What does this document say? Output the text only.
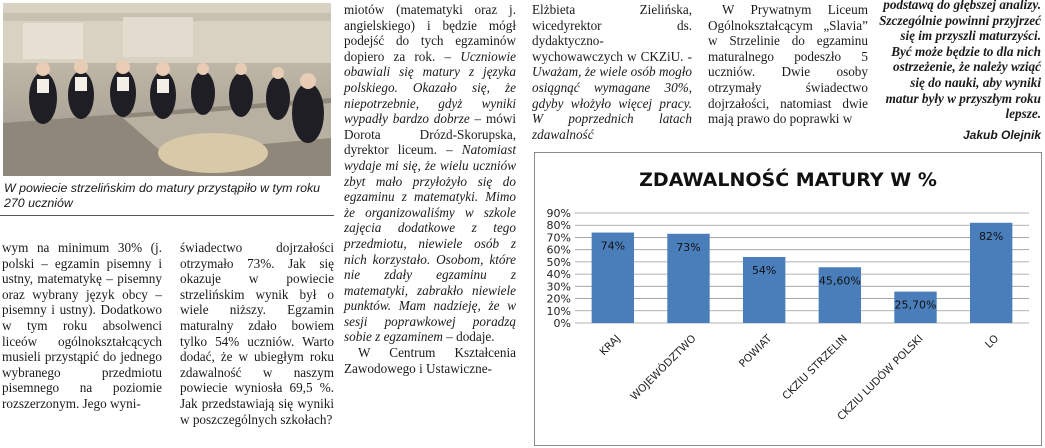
W powiecie strzelińskim do matury przystąpiło w tym roku 270 uczniów

wym na minimum 30% (j. polski – egzamin pisemny i ustny, matematykę – pisemny oraz wybrany język obcy – pisemny i ustny). Dodatkowo w tym roku absolwenci liceów ogólnokształcących musieli przystąpić do jednego wybranego przedmiotu pisemnego na poziomie rozszerzonym. Jego wyni-

świadectwo dojrzałości otrzymało 73%. Jak się okazuje w powiecie strzelińskim wynik był o wiele niższy. Egzamin maturalny zdało bowiem tylko 54% uczniów. Warto dodać, że w ubiegłym roku zdawalność w naszym powiecie wyniosła 69,5 %. Jak przedstawiają się wyniki w poszczególnych szkołach?

miotów (matematyki oraz j. angielskiego) i będzie mógł podejść do tych egzaminów dopiero za rok. – Uczniowie obawiali się matury z języka polskiego. Okazało się, że niepotrzebnie, gdyż wyniki wypadły bardzo dobrze – mówi Dorota Drózd-Skorupska, dyrektor liceum. – Natomiast wydaje mi się, że wielu uczniów zbyt mało przyłożyło się do egzaminu z matematyki. Mimo że organizowaliśmy w szkole zajęcia dodatkowe z tego przedmiotu, niewiele osób z nich korzystało. Osobom, które nie zdały egzaminu z matematyki, zabrakło niewiele punktów. Mam nadzieję, że w sesji poprawkowej poradzą sobie z egzaminem – dodaje.

W Centrum Kształcenia Zawodowego i Ustawiczne-

Elżbieta Zielińska, wicedyrektor ds. dydaktyczno-wychowawczych w CKZiU. - Uważam, że wiele osób mogło osiągnąć wymagane 30%, gdyby włożyło więcej pracy. W poprzednich latach zdawalność

W Prywatnym Liceum Ogólnokształcącym „Slavia” w Strzelinie do egzaminu maturalnego podeszło 5 uczniów. Dwie osoby otrzymały świadectwo dojrzałości, natomiast dwie mają prawo do poprawki w

podstawą do głębszej analizy. Szczególnie powinni przyjrzeć się im przyszli maturzyści. Być może będzie to dla nich ostrzeżenie, że należy wziąć się do nauki, aby wyniki matur były w przyszłym roku lepsze.

Jakub Olejnik
ZDAWALNOŚĆ MATURY W %
0%
10%
20%
30%
40%
50%
60%
70%
80%
90%
74%
KRAJ
73%
WOJEWÓDZTWO
54%
POWIAT
45,60%
CKZIU STRZELIN
25,70%
CKZIU LUDÓW POLSKI
82%
LO
